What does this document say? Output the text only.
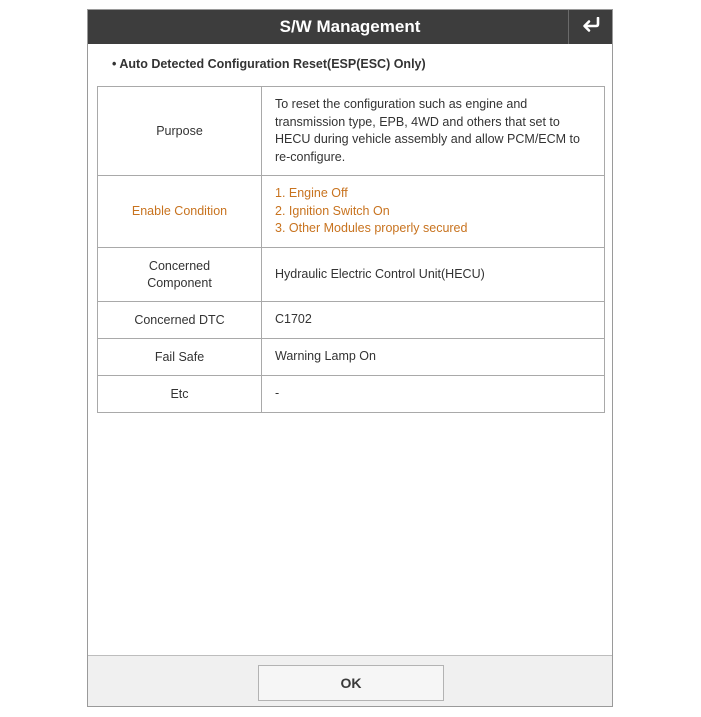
S/W Management
• Auto Detected Configuration Reset(ESP(ESC) Only)
Purpose	To reset the configuration such as engine and
transmission type, EPB, 4WD and others that set to
HECU during vehicle assembly and allow PCM/ECM to
re-configure.

Enable Condition	1. Engine Off
2. Ignition Switch On
3. Other Modules properly secured

Concerned
Component	Hydraulic Electric Control Unit(HECU)
Concerned DTC	C1702
Fail Safe	Warning Lamp On
Etc	-
OK
